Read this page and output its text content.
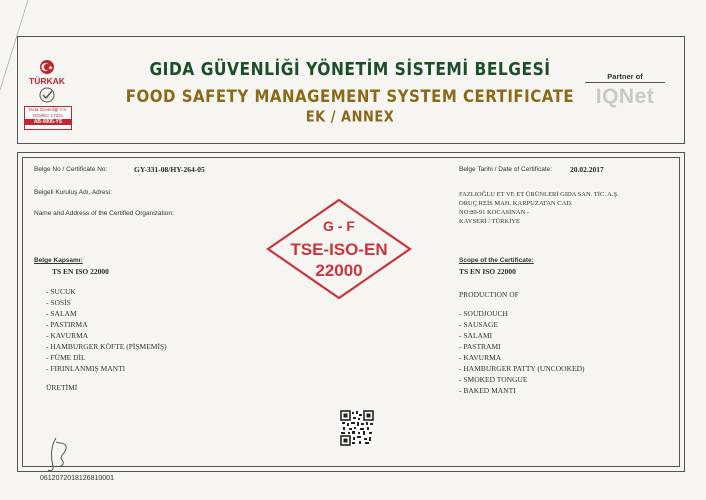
TÜRKAK
Gıda Güvenliği Y.S.
ISO/IEC 17021
AB-0005-YS
GIDA GÜVENLİĞİ YÖNETİM SİSTEMİ BELGESİ
FOOD SAFETY MANAGEMENT SYSTEM CERTIFICATE
EK / ANNEX
Partner of
IQNet
Belge No / Certificate No:	GY-331-08/HY-264-05	Belge Tarihi / Date of Certificate: 20.02.2017
Belgeli Kuruluş Adı, Adresi:
Name and Address of the Certified Organization:
FAZLIOĞLU ET VE ET ÜRÜNLERİ GIDA SAN. TİC. A.Ş.
ORUÇ REİS MAH. KARPUZATAN CAD.
NO:89-91 KOCASİNAN -
KAYSERİ / TÜRKİYE
G - F
TSE-ISO-EN
22000
Belge Kapsamı:
TS EN ISO 22000
- SUCUK
- SOSİS
- SALAM
- PASTIRMA
- KAVURMA
- HAMBURGER KÖFTE (PİŞMEMİŞ)
- FÜME DİL
- FIRINLANMIŞ MANTI
ÜRETİMİ
Scope of the Certificate:
TS EN ISO 22000
PRODUCTION OF
- SOUDJOUCH
- SAUSAGE
- SALAMI
- PASTRAMI
- KAVURMA
- HAMBURGER PATTY (UNCOOKED)
- SMOKED TONGUE
- BAKED MANTI
0612072018126810001
